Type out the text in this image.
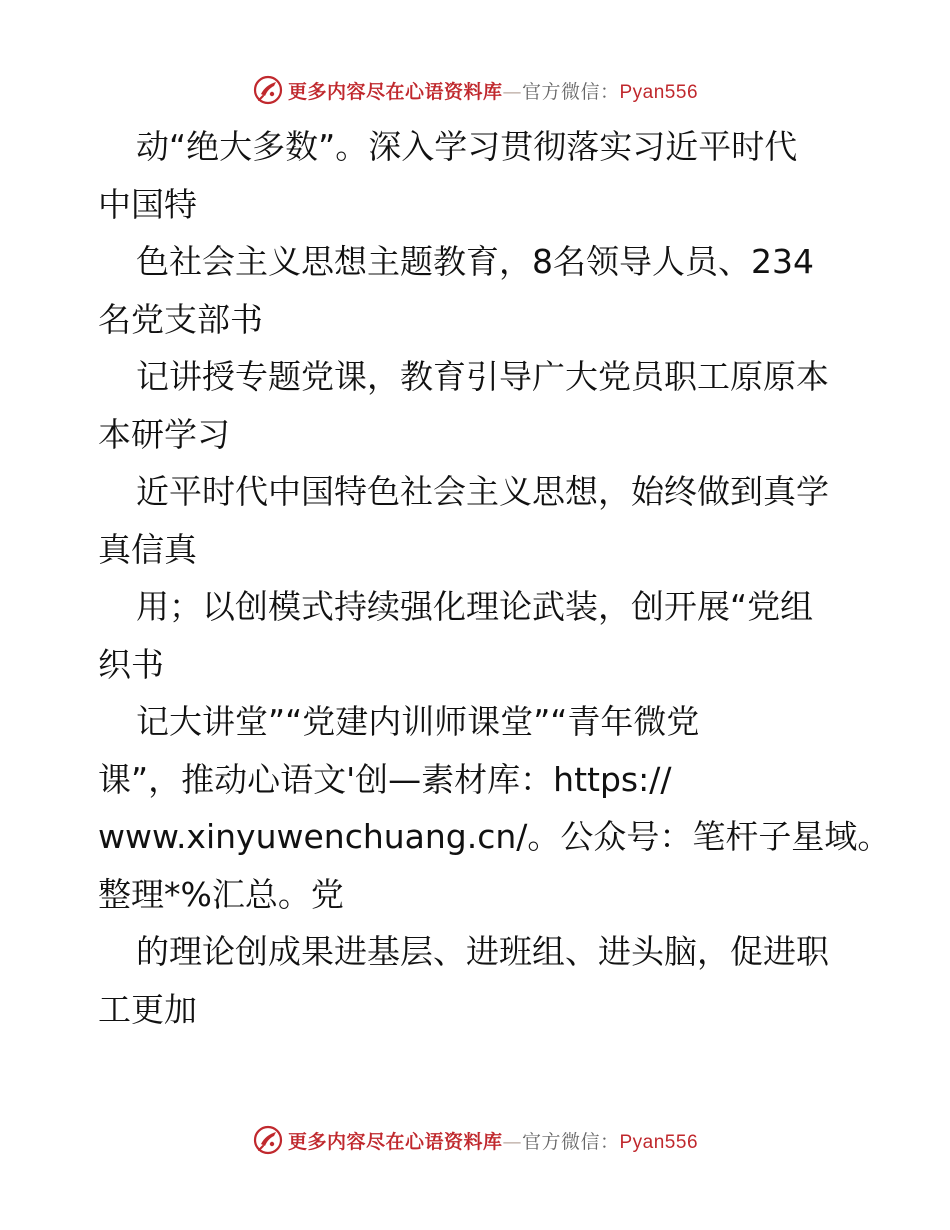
更多内容尽在心语资料库—官方微信：Pyan556
动“绝大多数”。深入学习贯彻落实习近平时代
中国特
色社会主义思想主题教育，8名领导人员、234
名党支部书
记讲授专题党课，教育引导广大党员职工原原本
本研学习
近平时代中国特色社会主义思想，始终做到真学
真信真
用；以创模式持续强化理论武装，创开展“党组
织书
记大讲堂”“党建内训师课堂”“青年微党
课”，推动心语文'创—素材库：https://
www.xinyuwenchuang.cn/。公众号：笔杆子星域。
整理*%汇总。党
的理论创成果进基层、进班组、进头脑，促进职
工更加
更多内容尽在心语资料库—官方微信：Pyan556
